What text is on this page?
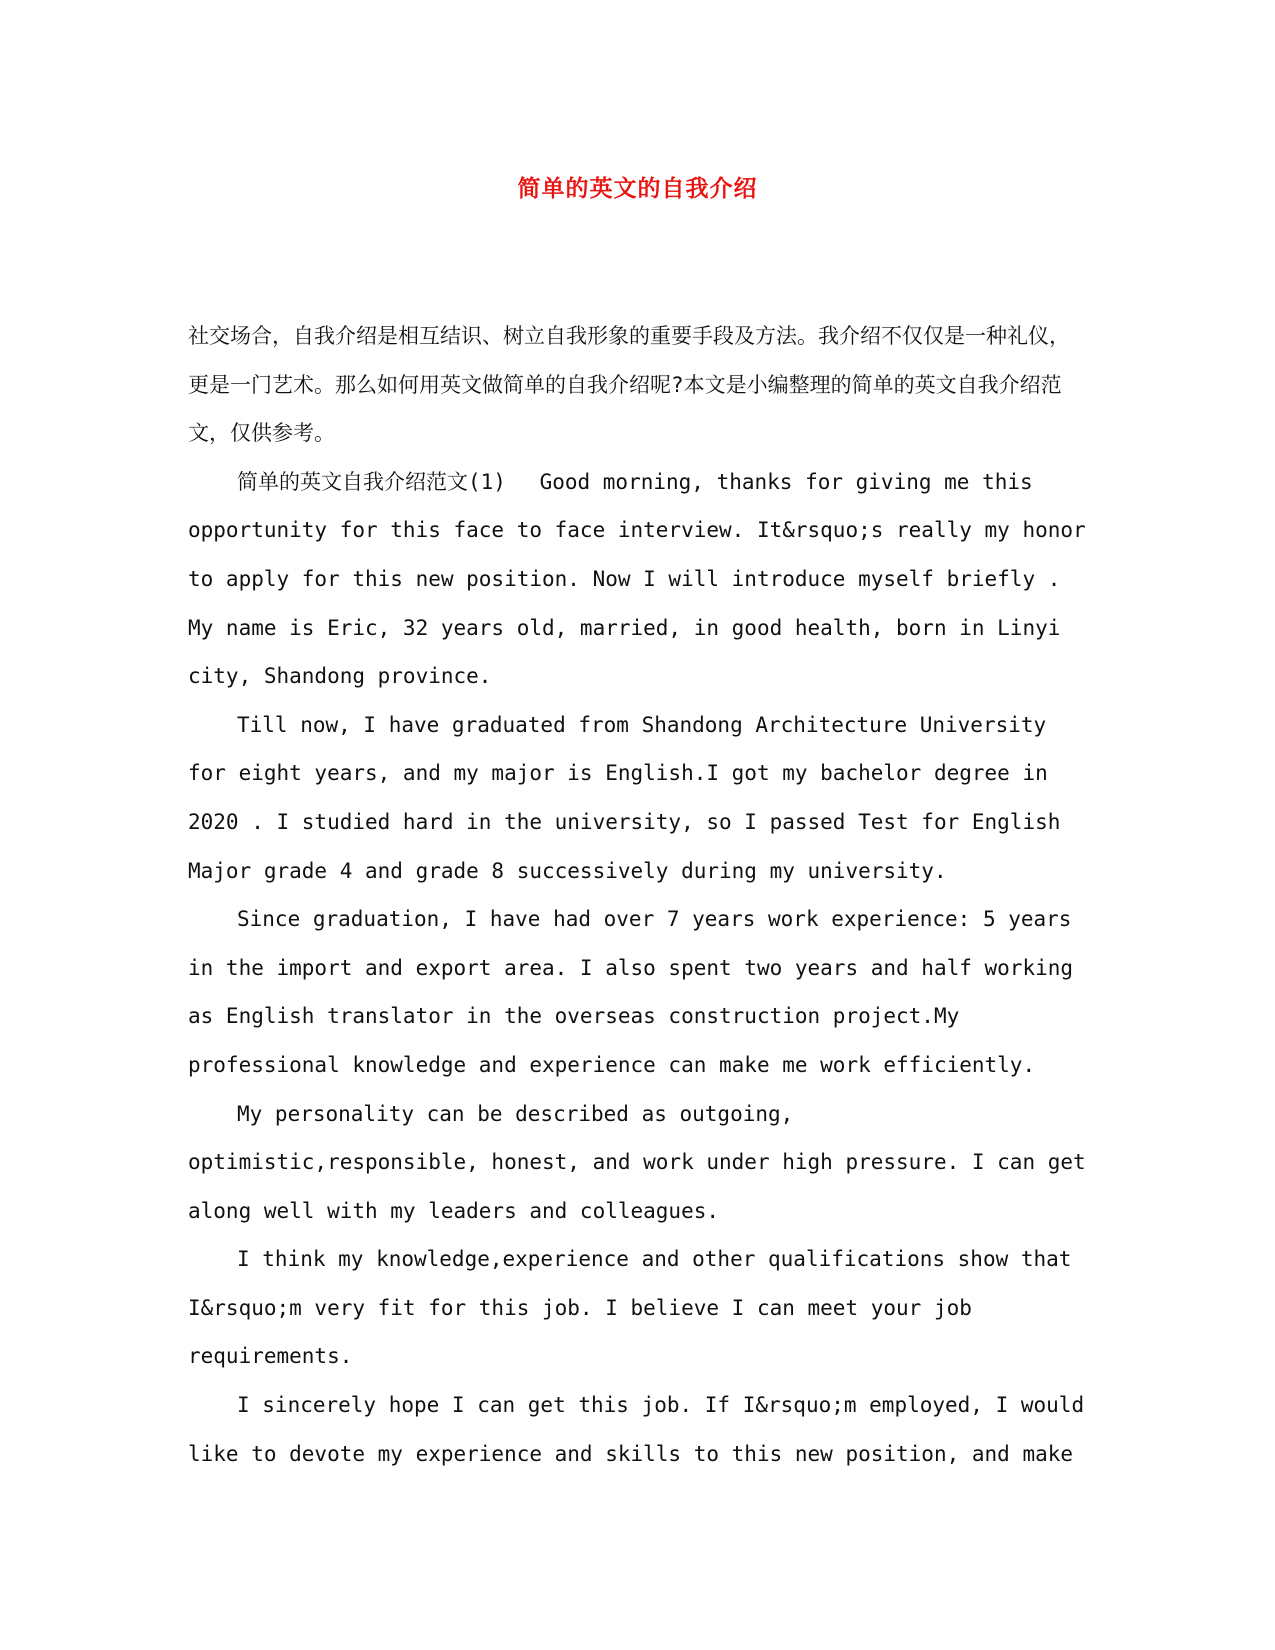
简单的英文的自我介绍

社交场合，自我介绍是相互结识、树立自我形象的重要手段及方法。我介绍不仅仅是一种礼仪，更是一门艺术。那么如何用英文做简单的自我介绍呢?本文是小编整理的简单的英文自我介绍范文，仅供参考。

简单的英文自我介绍范文(1)　 Good morning, thanks for giving me this opportunity for this face to face interview. It&rsquo;s really my honor to apply for this new position. Now I will introduce myself briefly . My name is Eric, 32 years old, married, in good health, born in Linyi city, Shandong province.

Till now, I have graduated from Shandong Architecture University for eight years, and my major is English.I got my bachelor degree in 2020 . I studied hard in the university, so I passed Test for English Major grade 4 and grade 8 successively during my university.

Since graduation, I have had over 7 years work experience: 5 years in the import and export area. I also spent two years and half working as English translator in the overseas construction project.My professional knowledge and experience can make me work efficiently.

My personality can be described as outgoing, optimistic,responsible, honest, and work under high pressure. I can get along well with my leaders and colleagues.

I think my knowledge,experience and other qualifications show that I&rsquo;m very fit for this job. I believe I can meet your job requirements.

I sincerely hope I can get this job. If I&rsquo;m employed, I would like to devote my experience and skills to this new position, and make
